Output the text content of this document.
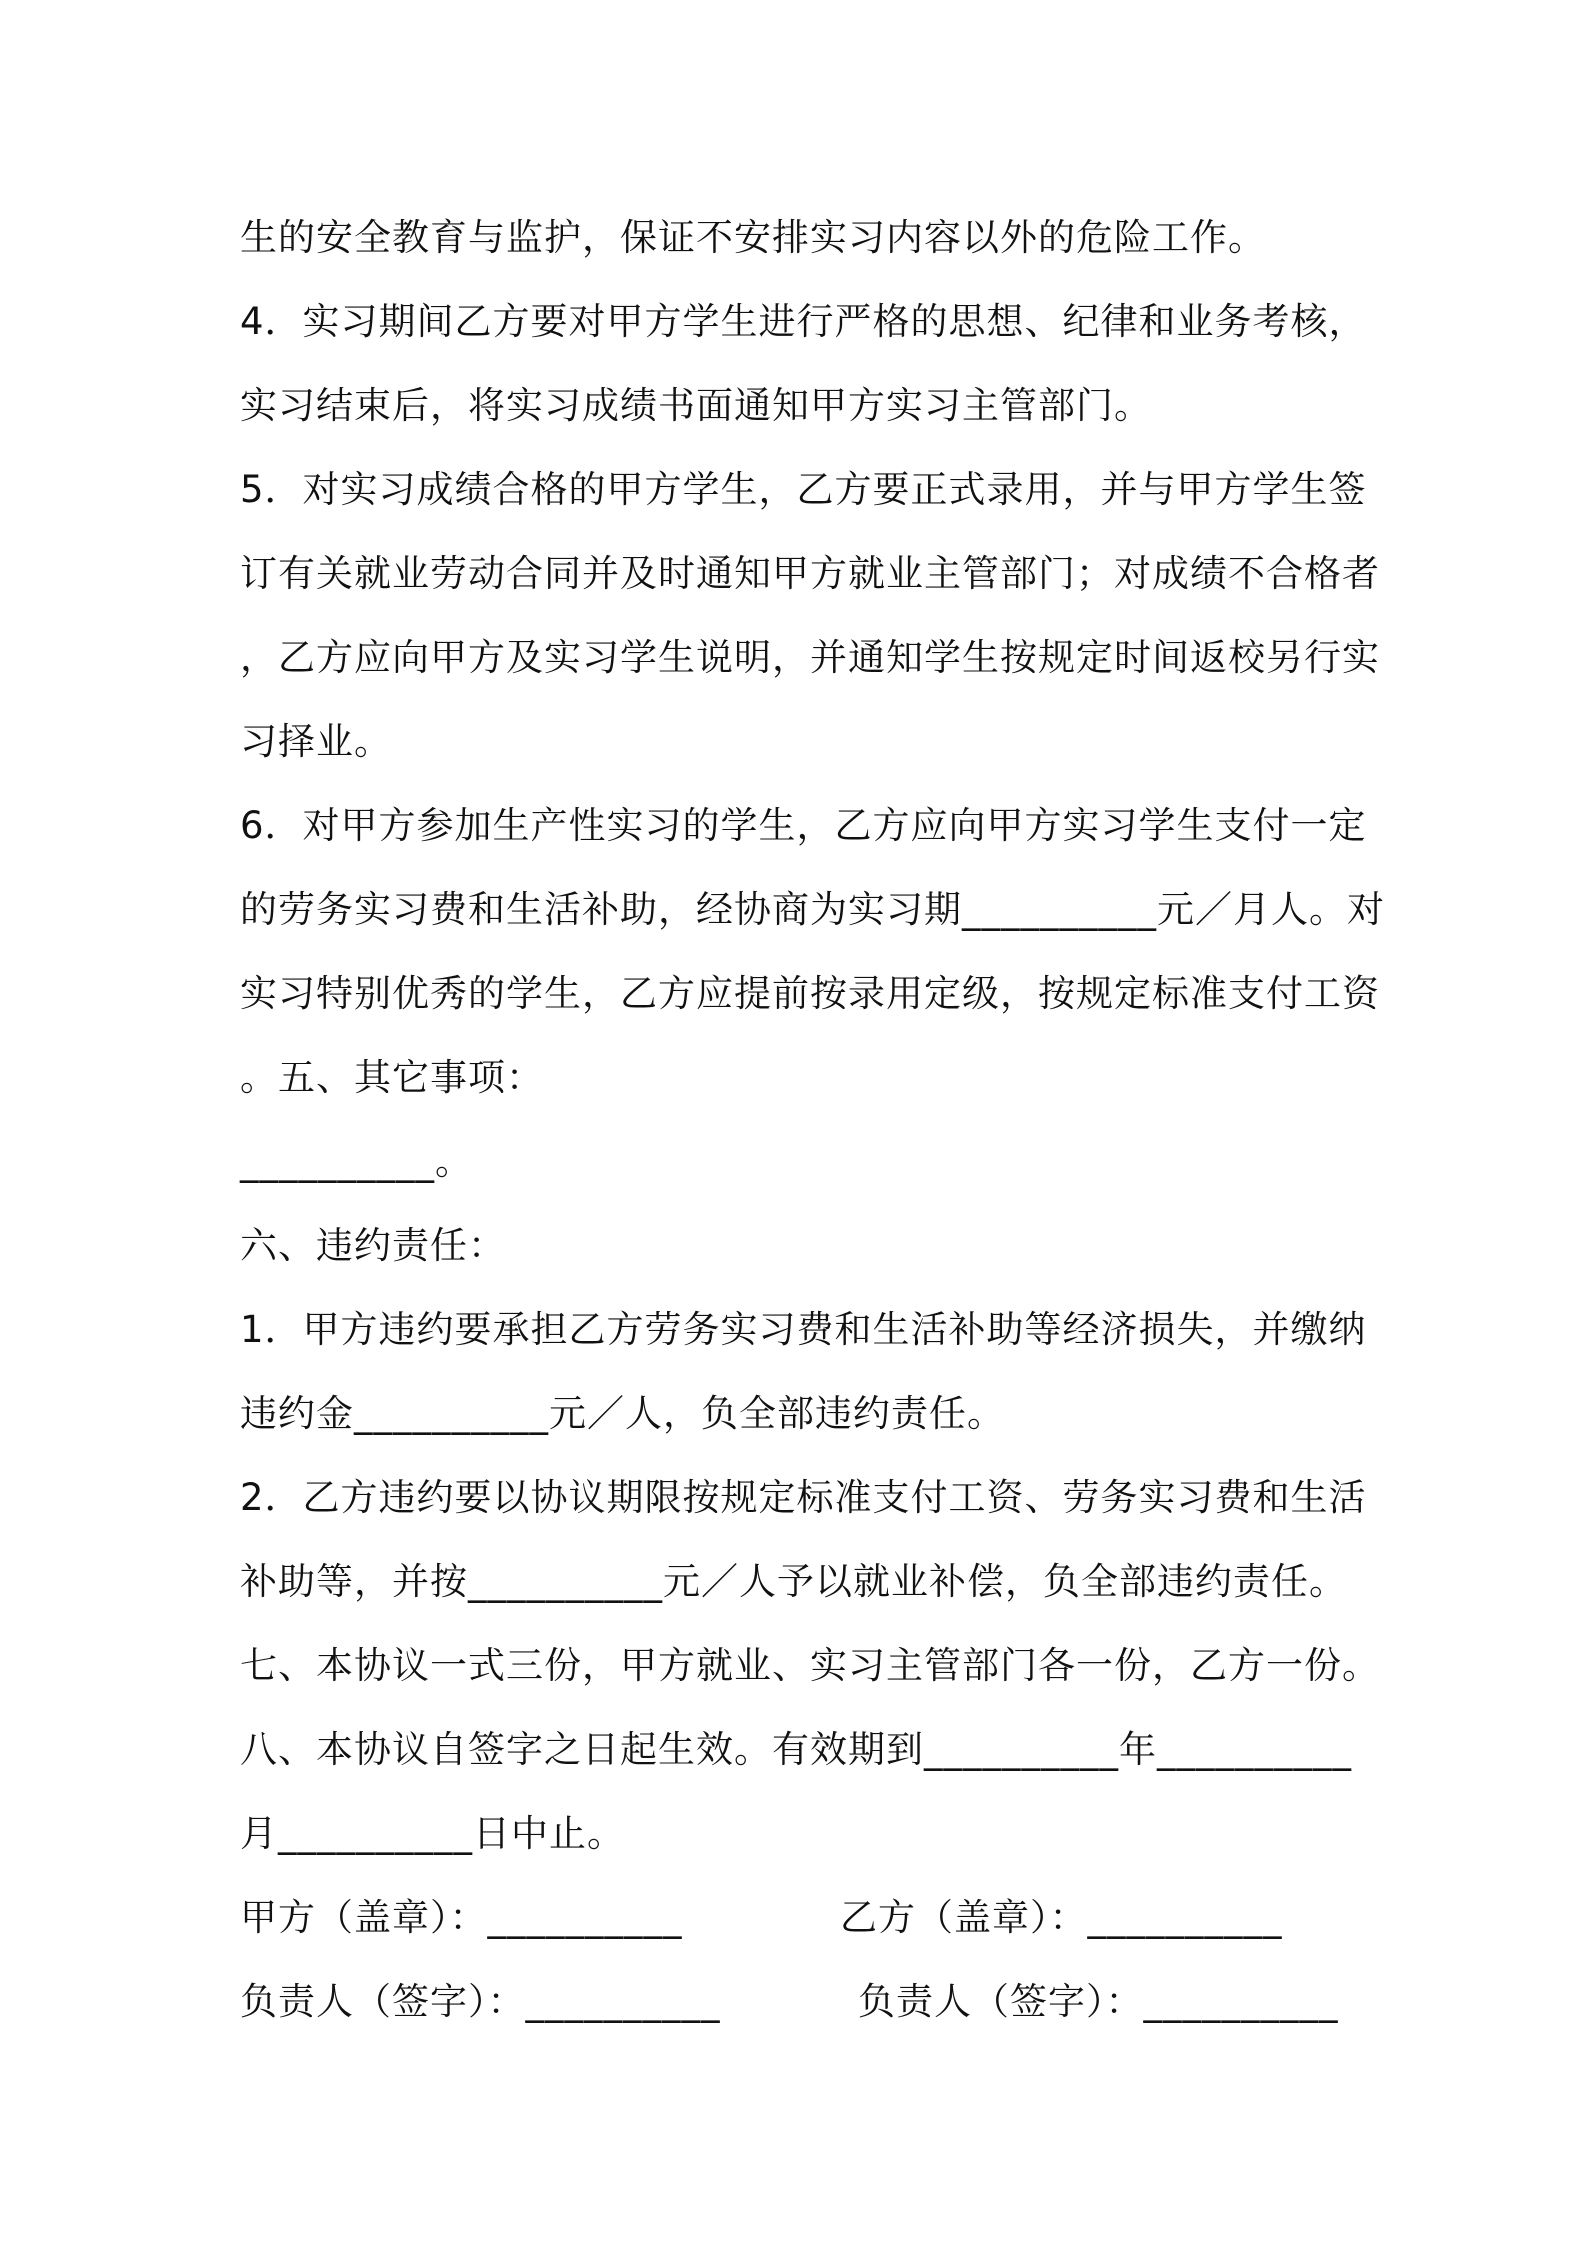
生的安全教育与监护，保证不安排实习内容以外的危险工作。
4．实习期间乙方要对甲方学生进行严格的思想、纪律和业务考核，
实习结束后，将实习成绩书面通知甲方实习主管部门。
5．对实习成绩合格的甲方学生，乙方要正式录用，并与甲方学生签
订有关就业劳动合同并及时通知甲方就业主管部门；对成绩不合格者
，乙方应向甲方及实习学生说明，并通知学生按规定时间返校另行实
习择业。
6．对甲方参加生产性实习的学生，乙方应向甲方实习学生支付一定
的劳务实习费和生活补助，经协商为实习期__________元／月人。对
实习特别优秀的学生，乙方应提前按录用定级，按规定标准支付工资
。五、其它事项：
__________。
六、违约责任：
1．甲方违约要承担乙方劳务实习费和生活补助等经济损失，并缴纳
违约金__________元／人，负全部违约责任。
2．乙方违约要以协议期限按规定标准支付工资、劳务实习费和生活
补助等，并按__________元／人予以就业补偿，负全部违约责任。
七、本协议一式三份，甲方就业、实习主管部门各一份，乙方一份。
八、本协议自签字之日起生效。有效期到__________年__________
月__________日中止。
甲方（盖章）：__________	乙方（盖章）：__________
负责人（签字）：__________	负责人（签字）：__________
